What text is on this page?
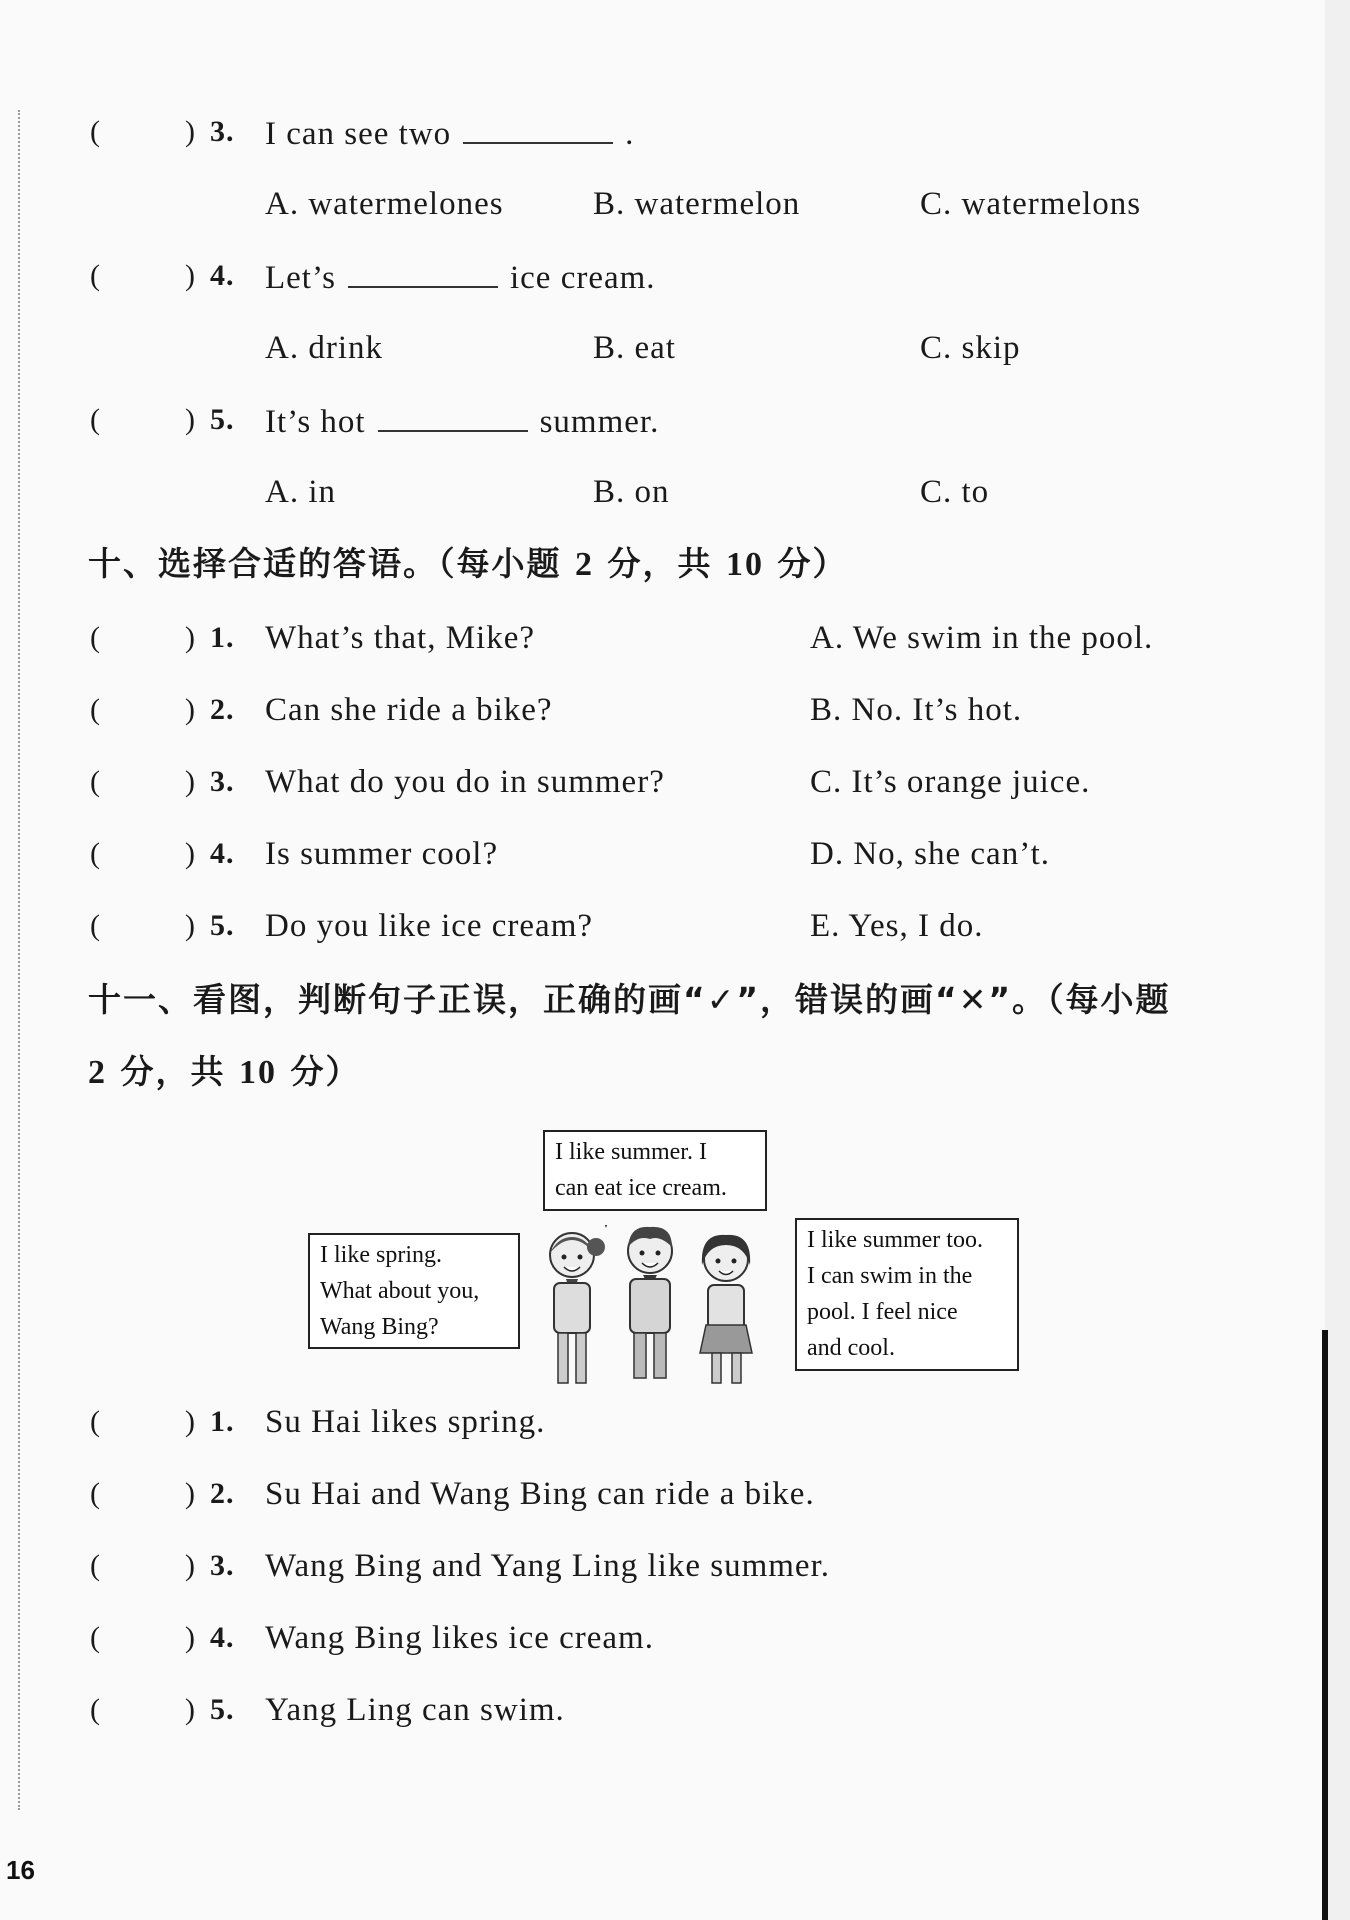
(	) 3. I can see two	.
A. watermelones	B. watermelon	C. watermelons
(	) 4. Let’s	ice cream.
A. drink	B. eat	C. skip
(	) 5. It’s hot	summer.
A. in	B. on	C. to
十、选择合适的答语。（每小题 2 分，共 10 分）
(	) 1. What’s that, Mike?	A. We swim in the pool.
(	) 2. Can she ride a bike?	B. No. It’s hot.
(	) 3. What do you do in summer?	C. It’s orange juice.
(	) 4. Is summer cool?	D. No, she can’t.
(	) 5. Do you like ice cream?	E. Yes, I do.
十一、看图，判断句子正误，正确的画“✓”，错误的画“✕”。（每小题
2 分，共 10 分）
I like spring.
What about you,
Wang Bing?
I like summer. I
can eat ice cream.
I like summer too.
I can swim in the
pool. I feel nice
and cool.
(	) 1. Su Hai likes spring.
(	) 2. Su Hai and Wang Bing can ride a bike.
(	) 3. Wang Bing and Yang Ling like summer.
(	) 4. Wang Bing likes ice cream.
(	) 5. Yang Ling can swim.
16
